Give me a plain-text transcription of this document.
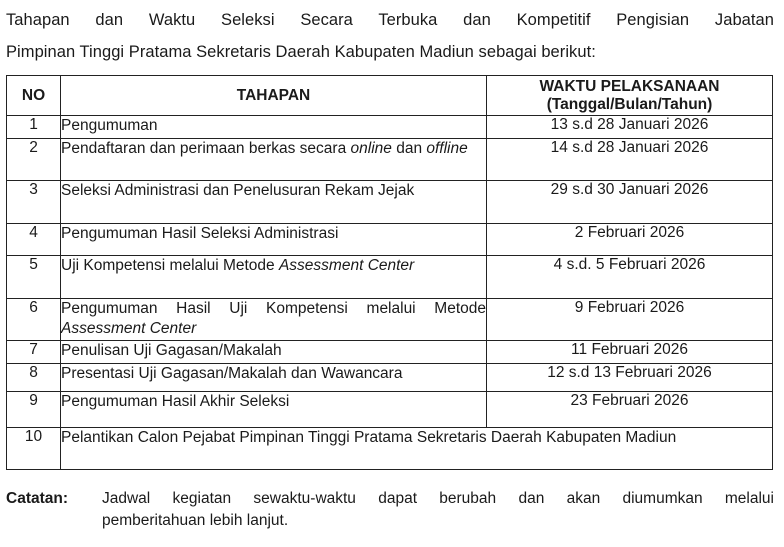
Tahapan dan Waktu Seleksi Secara Terbuka dan Kompetitif Pengisian Jabatan
Pimpinan Tinggi Pratama Sekretaris Daerah Kabupaten Madiun sebagai berikut:
NO	TAHAPAN	WAKTU PELAKSANAAN
(Tanggal/Bulan/Tahun)

1	Pengumuman	13 s.d 28 Januari 2026
2	Pendaftaran dan perimaan berkas secara online dan offline	14 s.d 28 Januari 2026
3	Seleksi Administrasi dan Penelusuran Rekam Jejak	29 s.d 30 Januari 2026
4	Pengumuman Hasil Seleksi Administrasi	2 Februari 2026
5	Uji Kompetensi melalui Metode Assessment Center	4 s.d. 5 Februari 2026
6	Pengumuman Hasil Uji Kompetensi melalui Metode Assessment Center	9 Februari 2026
7	Penulisan Uji Gagasan/Makalah	11 Februari 2026
8	Presentasi Uji Gagasan/Makalah dan Wawancara	12 s.d 13 Februari 2026
9	Pengumuman Hasil Akhir Seleksi	23 Februari 2026
10	Pelantikan Calon Pejabat Pimpinan Tinggi Pratama Sekretaris Daerah Kabupaten Madiun	
Catatan: Jadwal kegiatan sewaktu-waktu dapat berubah dan akan diumumkan melalui
pemberitahuan lebih lanjut.
